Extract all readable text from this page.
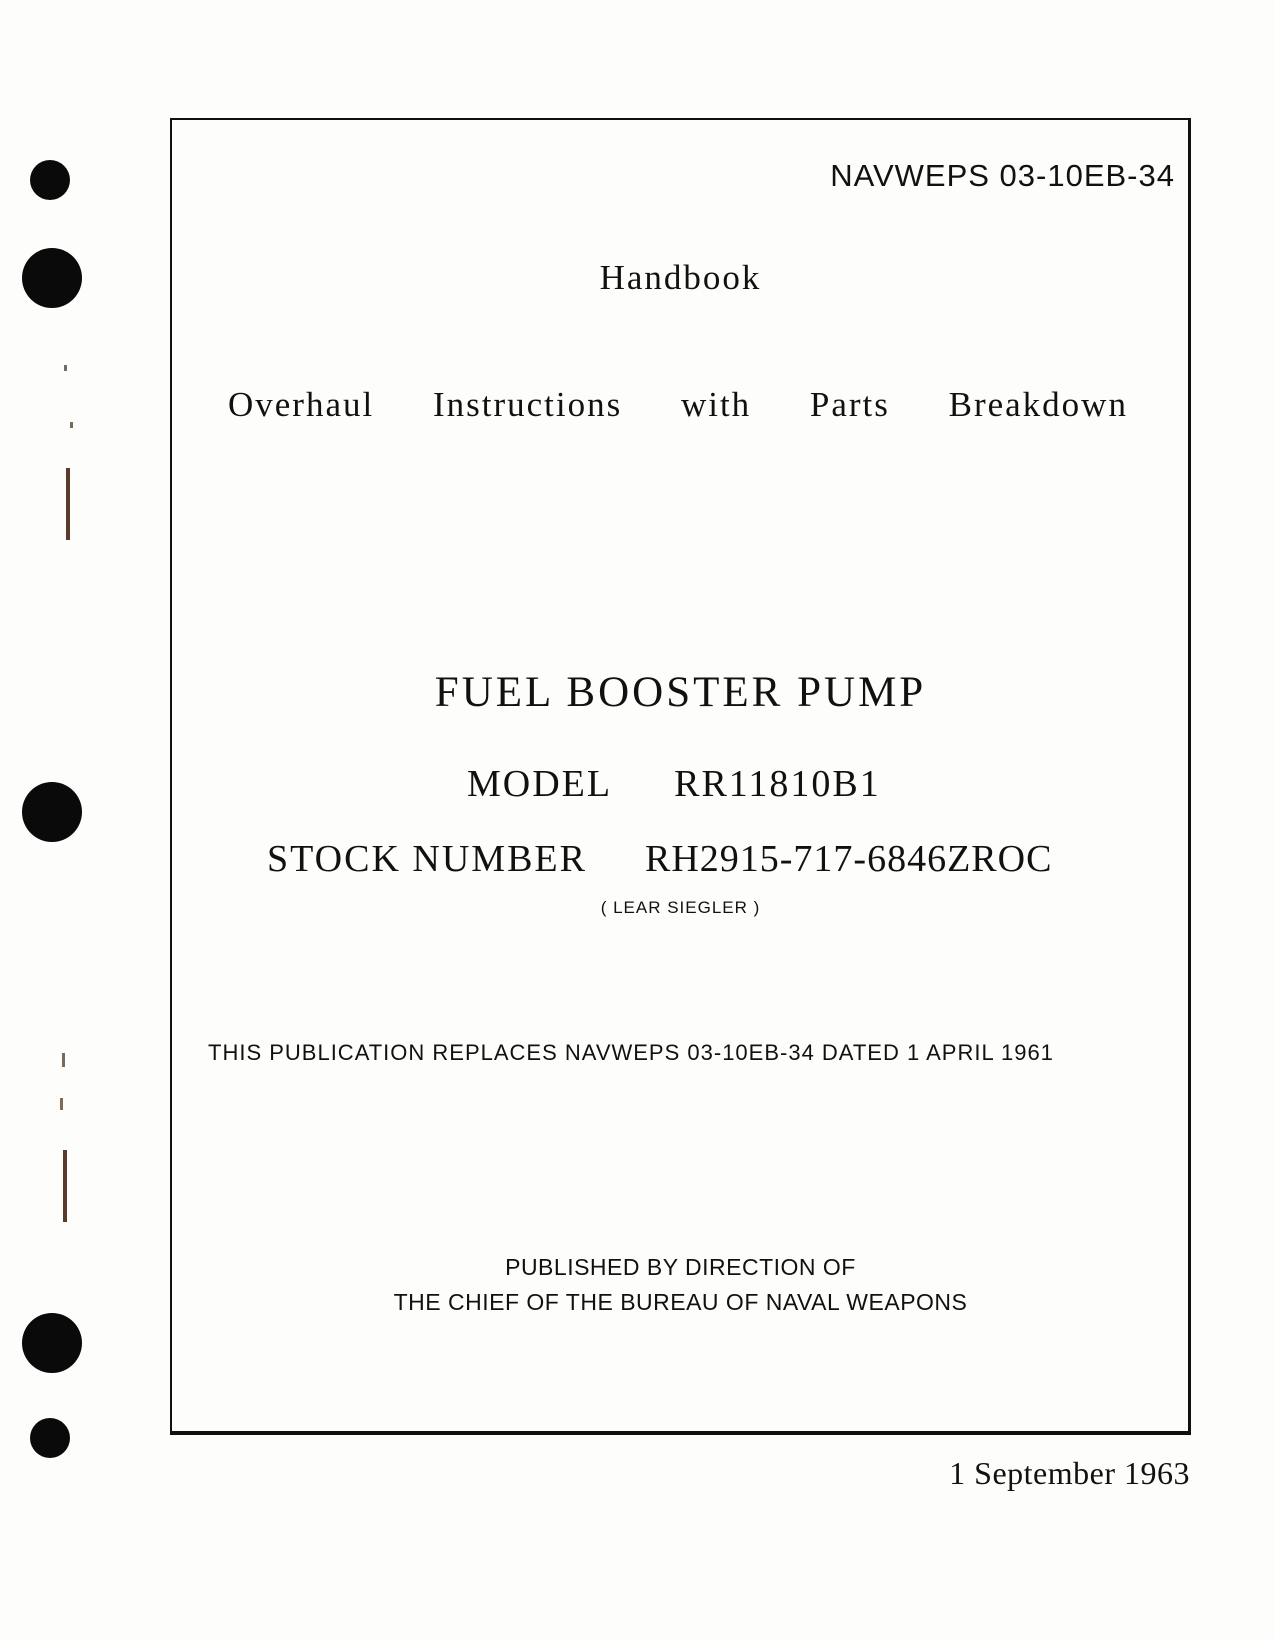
NAVWEPS 03-10EB-34
Handbook
Overhaul Instructions with Parts Breakdown
FUEL BOOSTER PUMP
MODEL RR11810B1
STOCK NUMBER RH2915-717-6846ZROC
( LEAR SIEGLER )
THIS PUBLICATION REPLACES NAVWEPS 03-10EB-34 DATED 1 APRIL 1961
PUBLISHED BY DIRECTION OF
THE CHIEF OF THE BUREAU OF NAVAL WEAPONS
1 September 1963
